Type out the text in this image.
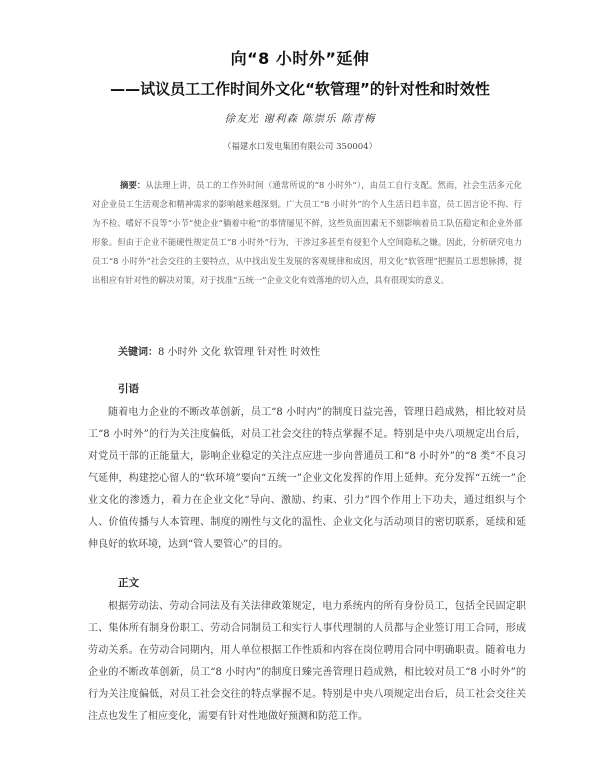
向“8 小时外”延伸
——试议员工工作时间外文化“软管理”的针对性和时效性
徐友光 谢利森 陈崇乐 陈青梅
（福建水口发电集团有限公司 350004）

摘要：从法理上讲，员工的工作外时间（通常所说的“8 小时外”），由员工自行支配。然而，社会生活多元化对企业员工生活观念和精神需求的影响越来越深刻。广大员工“8 小时外”的个人生活日趋丰富，员工因言论不拘、行为不检、嗜好不良等“小节”使企业“躺着中枪”的事情屡见不鲜，这些负面因素无不刻影响着员工队伍稳定和企业外部形象。但由于企业不能硬性规定员工“8 小时外”行为，干涉过多甚至有侵犯个人空间隐私之嫌。因此，分析研究电力员工“8 小时外”社会交往的主要特点，从中找出发生发展的客观规律和成因，用文化“软管理”把握员工思想脉搏，提出相应有针对性的解决对策，对于找准“五统一”企业文化有效落地的切入点，具有很现实的意义。

关键词：8 小时外 文化 软管理 针对性 时效性
引语

随着电力企业的不断改革创新，员工“8 小时内”的制度日益完善，管理日趋成熟，相比较对员工“8 小时外”的行为关注度偏低，对员工社会交往的特点掌握不足。特别是中央八项规定出台后，对党员干部的正能量大，影响企业稳定的关注点应进一步向普通员工和“8 小时外”的“8 类”不良习气延伸，构建挖心留人的“软环境”要向“五统一”企业文化发挥的作用上延伸。充分发挥“五统一”企业文化的渗透力，着力在企业文化“导向、激励、约束、引力”四个作用上下功夫，通过组织与个人、价值传播与人本管理、制度的刚性与文化的温性、企业文化与活动项目的密切联系，延续和延伸良好的软环境，达到“管人要管心”的目的。

正文

根据劳动法、劳动合同法及有关法律政策规定，电力系统内的所有身份员工，包括全民固定职工、集体所有制身份职工、劳动合同制员工和实行人事代理制的人员都与企业签订用工合同，形成劳动关系。在劳动合同期内，用人单位根据工作性质和内容在岗位聘用合同中明确职责。随着电力企业的不断改革创新，员工“8 小时内”的制度日臻完善管理日趋成熟，相比较对员工“8 小时外”的行为关注度偏低，对员工社会交往的特点掌握不足。特别是中央八项规定出台后，员工社会交往关注点也发生了相应变化，需要有针对性地做好预测和防范工作。
